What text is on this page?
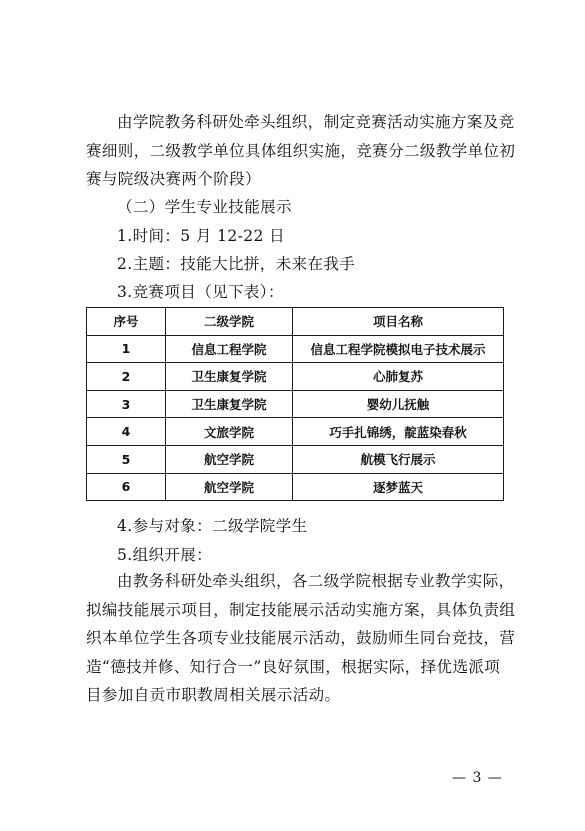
由学院教务科研处牵头组织，制定竞赛活动实施方案及竞赛细则，二级教学单位具体组织实施，竞赛分二级教学单位初赛与院级决赛两个阶段）
（二）学生专业技能展示
1.时间：5 月 12-22 日
2.主题：技能大比拼，未来在我手
3.竞赛项目（见下表）：
序号	二级学院	项目名称
1	信息工程学院	信息工程学院模拟电子技术展示
2	卫生康复学院	心肺复苏
3	卫生康复学院	婴幼儿抚触
4	文旅学院	巧手扎锦绣，靛蓝染春秋
5	航空学院	航模飞行展示
6	航空学院	逐梦蓝天
4.参与对象：二级学院学生
5.组织开展：
由教务科研处牵头组织，各二级学院根据专业教学实际，拟编技能展示项目，制定技能展示活动实施方案，具体负责组织本单位学生各项专业技能展示活动，鼓励师生同台竞技，营造“德技并修、知行合一”良好氛围，根据实际，择优选派项目参加自贡市职教周相关展示活动。
— 3 —
